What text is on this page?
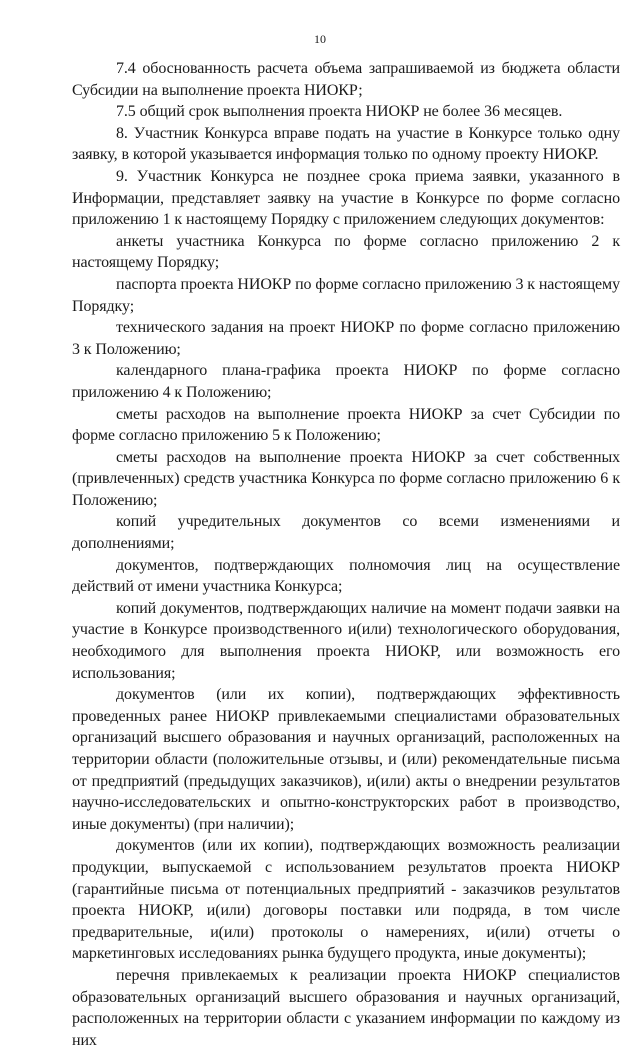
10

7.4 обоснованность расчета объема запрашиваемой из бюджета области Субсидии на выполнение проекта НИОКР;

7.5 общий срок выполнения проекта НИОКР не более 36 месяцев.

8. Участник Конкурса вправе подать на участие в Конкурсе только одну заявку, в которой указывается информация только по одному проекту НИОКР.

9. Участник Конкурса не позднее срока приема заявки, указанного в Информации, представляет заявку на участие в Конкурсе по форме согласно приложению 1 к настоящему Порядку с приложением следующих документов:

анкеты участника Конкурса по форме согласно приложению 2 к настоящему Порядку;

паспорта проекта НИОКР по форме согласно приложению 3 к настоящему Порядку;

технического задания на проект НИОКР по форме согласно приложению 3 к Положению;

календарного плана-графика проекта НИОКР по форме согласно приложению 4 к Положению;

сметы расходов на выполнение проекта НИОКР за счет Субсидии по форме согласно приложению 5 к Положению;

сметы расходов на выполнение проекта НИОКР за счет собственных (привлеченных) средств участника Конкурса по форме согласно приложению 6 к Положению;

копий учредительных документов со всеми изменениями и дополнениями;

документов, подтверждающих полномочия лиц на осуществление действий от имени участника Конкурса;

копий документов, подтверждающих наличие на момент подачи заявки на участие в Конкурсе производственного и(или) технологического оборудования, необходимого для выполнения проекта НИОКР, или возможность его использования;

документов (или их копии), подтверждающих эффективность проведенных ранее НИОКР привлекаемыми специалистами образовательных организаций высшего образования и научных организаций, расположенных на территории области (положительные отзывы, и (или) рекомендательные письма от предприятий (предыдущих заказчиков), и(или) акты о внедрении результатов научно-исследовательских и опытно-конструкторских работ в производство, иные документы) (при наличии);

документов (или их копии), подтверждающих возможность реализации продукции, выпускаемой с использованием результатов проекта НИОКР (гарантийные письма от потенциальных предприятий - заказчиков результатов проекта НИОКР, и(или) договоры поставки или подряда, в том числе предварительные, и(или) протоколы о намерениях, и(или) отчеты о маркетинговых исследованиях рынка будущего продукта, иные документы);

перечня привлекаемых к реализации проекта НИОКР специалистов образовательных организаций высшего образования и научных организаций, расположенных на территории области с указанием информации по каждому из них
